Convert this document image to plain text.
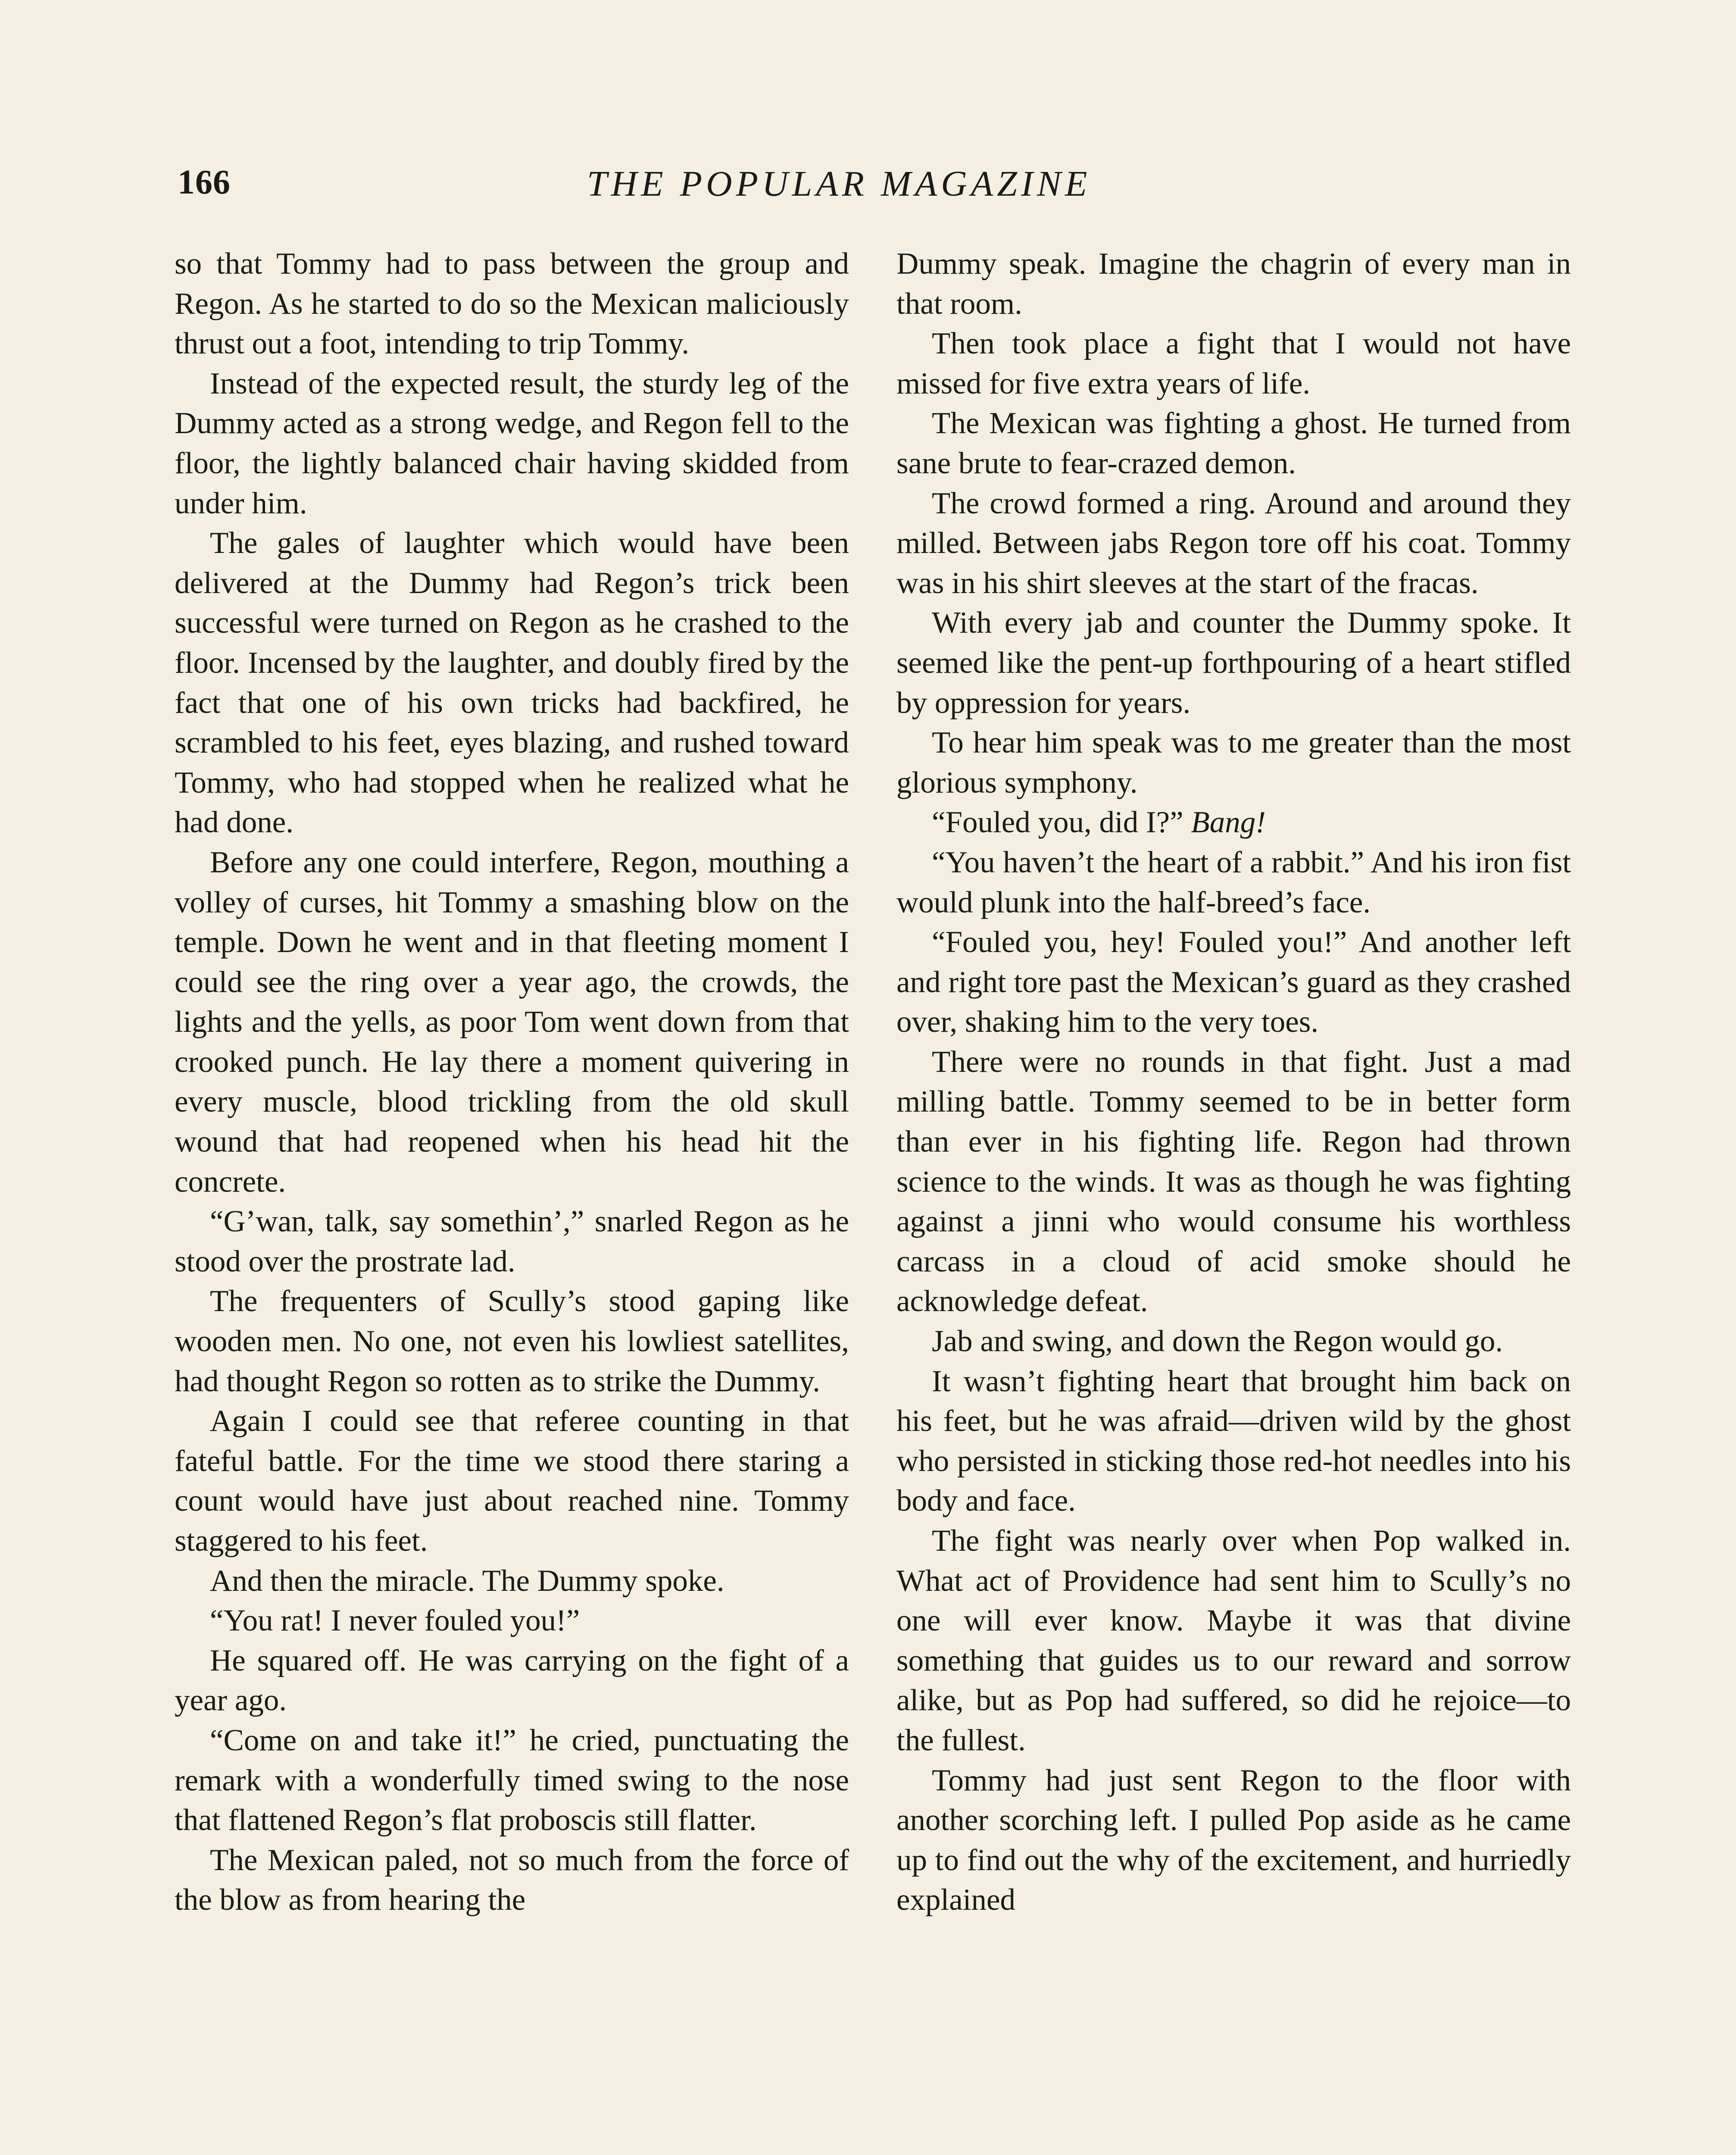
166	THE POPULAR MAGAZINE

so that Tommy had to pass between the group and Regon. As he started to do so the Mexican maliciously thrust out a foot, intending to trip Tommy.

Instead of the expected result, the sturdy leg of the Dummy acted as a strong wedge, and Regon fell to the floor, the lightly balanced chair having skidded from under him.

The gales of laughter which would have been delivered at the Dummy had Regon’s trick been successful were turned on Regon as he crashed to the floor. Incensed by the laughter, and doubly fired by the fact that one of his own tricks had backfired, he scrambled to his feet, eyes blazing, and rushed toward Tommy, who had stopped when he realized what he had done.

Before any one could interfere, Regon, mouthing a volley of curses, hit Tommy a smashing blow on the temple. Down he went and in that fleeting moment I could see the ring over a year ago, the crowds, the lights and the yells, as poor Tom went down from that crooked punch. He lay there a moment quivering in every muscle, blood trickling from the old skull wound that had reopened when his head hit the concrete.

“G’wan, talk, say somethin’,” snarled Regon as he stood over the prostrate lad.

The frequenters of Scully’s stood gaping like wooden men. No one, not even his lowliest satellites, had thought Regon so rotten as to strike the Dummy.

Again I could see that referee counting in that fateful battle. For the time we stood there staring a count would have just about reached nine. Tommy staggered to his feet.

And then the miracle. The Dummy spoke.

“You rat! I never fouled you!”

He squared off. He was carrying on the fight of a year ago.

“Come on and take it!” he cried, punctuating the remark with a wonderfully timed swing to the nose that flattened Regon’s flat proboscis still flatter.

The Mexican paled, not so much from the force of the blow as from hearing the

Dummy speak. Imagine the chagrin of every man in that room.

Then took place a fight that I would not have missed for five extra years of life.

The Mexican was fighting a ghost. He turned from sane brute to fear-crazed demon.

The crowd formed a ring. Around and around they milled. Between jabs Regon tore off his coat. Tommy was in his shirt sleeves at the start of the fracas.

With every jab and counter the Dummy spoke. It seemed like the pent-up forthpouring of a heart stifled by oppression for years.

To hear him speak was to me greater than the most glorious symphony.

“Fouled you, did I?” Bang!

“You haven’t the heart of a rabbit.” And his iron fist would plunk into the half-breed’s face.

“Fouled you, hey! Fouled you!” And another left and right tore past the Mexican’s guard as they crashed over, shaking him to the very toes.

There were no rounds in that fight. Just a mad milling battle. Tommy seemed to be in better form than ever in his fighting life. Regon had thrown science to the winds. It was as though he was fighting against a jinni who would consume his worthless carcass in a cloud of acid smoke should he acknowledge defeat.

Jab and swing, and down the Regon would go.

It wasn’t fighting heart that brought him back on his feet, but he was afraid—driven wild by the ghost who persisted in sticking those red-hot needles into his body and face.

The fight was nearly over when Pop walked in. What act of Providence had sent him to Scully’s no one will ever know. Maybe it was that divine something that guides us to our reward and sorrow alike, but as Pop had suffered, so did he rejoice—to the fullest.

Tommy had just sent Regon to the floor with another scorching left. I pulled Pop aside as he came up to find out the why of the excitement, and hurriedly explained
